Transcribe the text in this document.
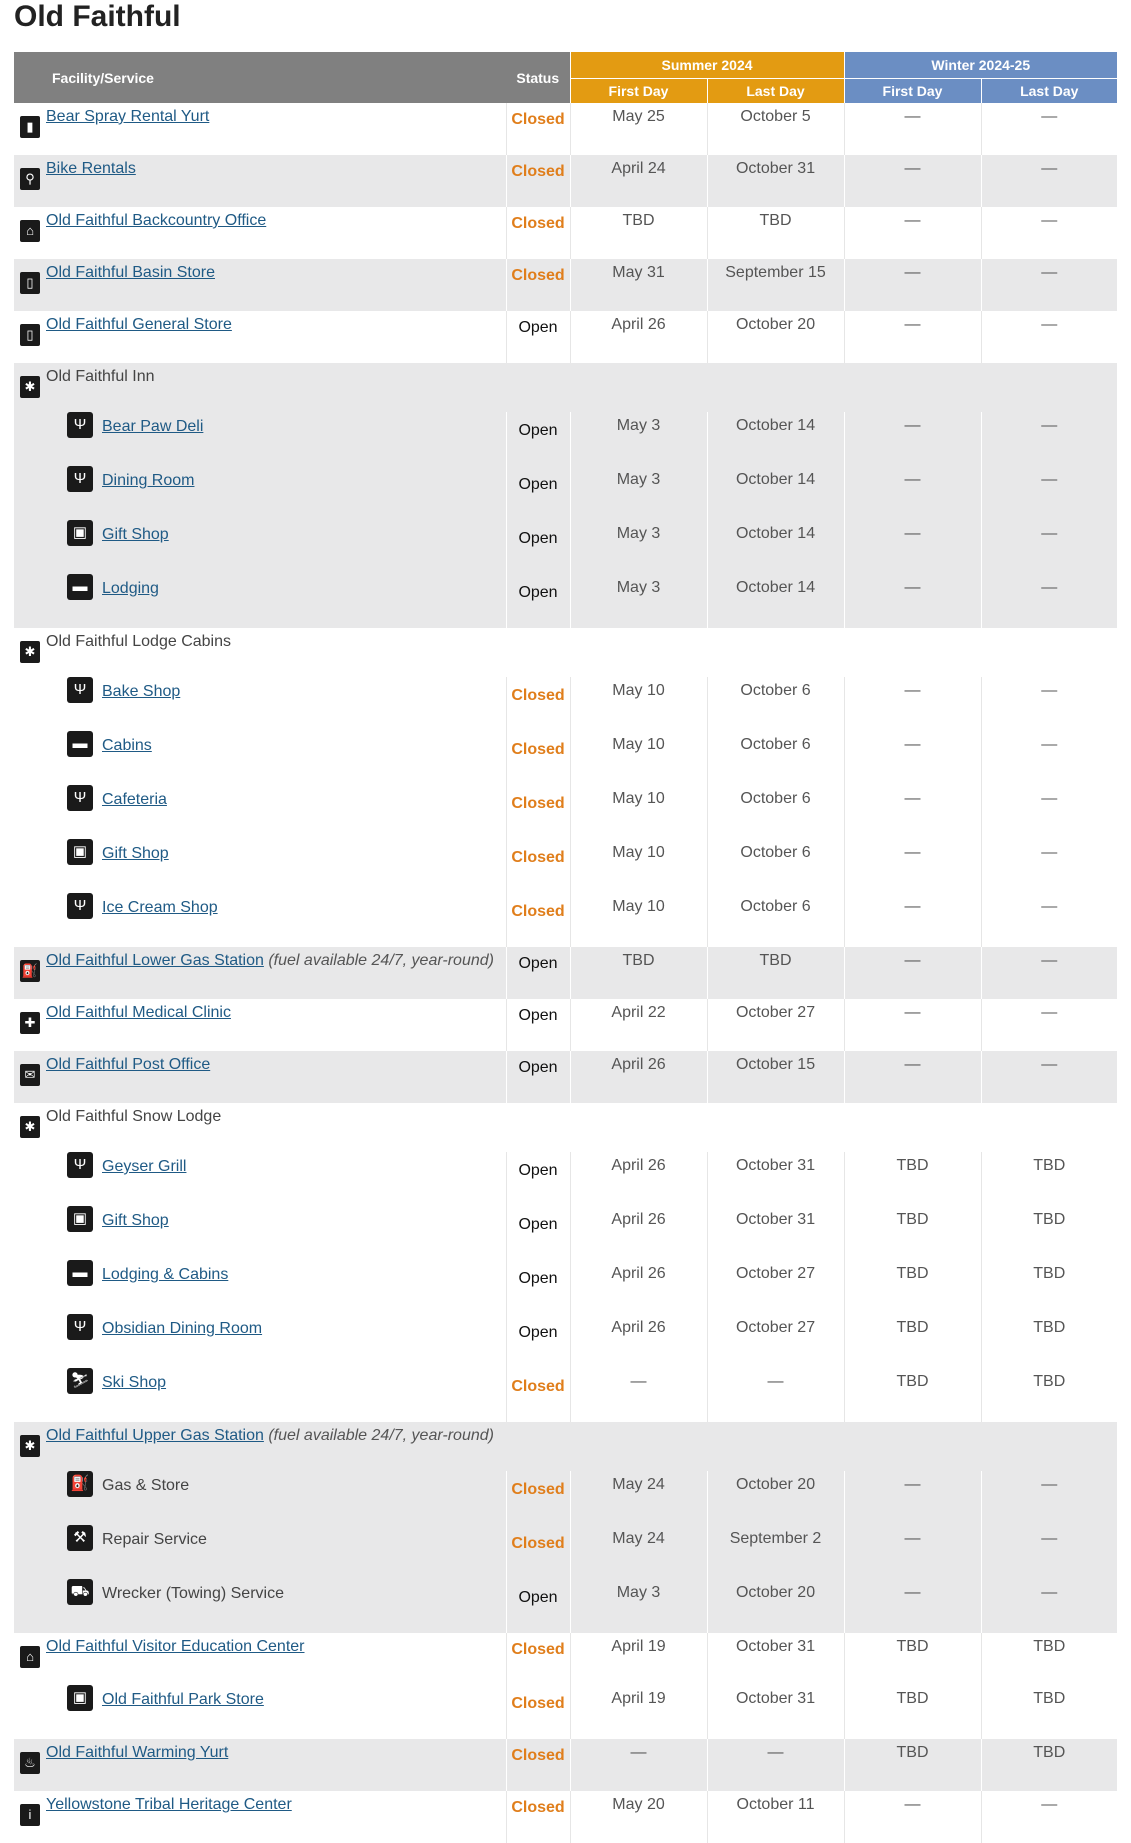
Old Faithful
Facility/Service		Status	Summer 2024		Winter 2024-25	
			First Day	Last Day	First Day	Last Day

▮	Bear Spray Rental Yurt	Closed	May 25	October 5	—	—

⚲	Bike Rentals	Closed	April 24	October 31	—	—

⌂	Old Faithful Backcountry Office	Closed	TBD	TBD	—	—

▯	Old Faithful Basin Store	Closed	May 31	September 15	—	—

▯	Old Faithful General Store	Open	April 26	October 20	—	—

✱	Old Faithful Inn					

	Ψ Bear Paw Deli	Open	May 3	October 14	—	—

	Ψ Dining Room	Open	May 3	October 14	—	—

	▣ Gift Shop	Open	May 3	October 14	—	—

	▬ Lodging	Open	May 3	October 14	—	—

✱	Old Faithful Lodge Cabins					

	Ψ Bake Shop	Closed	May 10	October 6	—	—

	▬ Cabins	Closed	May 10	October 6	—	—

	Ψ Cafeteria	Closed	May 10	October 6	—	—

	▣ Gift Shop	Closed	May 10	October 6	—	—

	Ψ Ice Cream Shop	Closed	May 10	October 6	—	—

⛽	Old Faithful Lower Gas Station (fuel available 24/7, year-round)	Open	TBD	TBD	—	—

✚	Old Faithful Medical Clinic	Open	April 22	October 27	—	—

✉	Old Faithful Post Office	Open	April 26	October 15	—	—

✱	Old Faithful Snow Lodge					

	Ψ Geyser Grill	Open	April 26	October 31	TBD	TBD

	▣ Gift Shop	Open	April 26	October 31	TBD	TBD

	▬ Lodging & Cabins	Open	April 26	October 27	TBD	TBD

	Ψ Obsidian Dining Room	Open	April 26	October 27	TBD	TBD

	⛷ Ski Shop	Closed	—	—	TBD	TBD

✱	Old Faithful Upper Gas Station (fuel available 24/7, year-round)					

	⛽ Gas & Store	Closed	May 24	October 20	—	—

	⚒ Repair Service	Closed	May 24	September 2	—	—

	⛟ Wrecker (Towing) Service	Open	May 3	October 20	—	—

⌂	Old Faithful Visitor Education Center	Closed	April 19	October 31	TBD	TBD

	▣ Old Faithful Park Store	Closed	April 19	October 31	TBD	TBD

♨	Old Faithful Warming Yurt	Closed	—	—	TBD	TBD

i	Yellowstone Tribal Heritage Center	Closed	May 20	October 11	—	—
